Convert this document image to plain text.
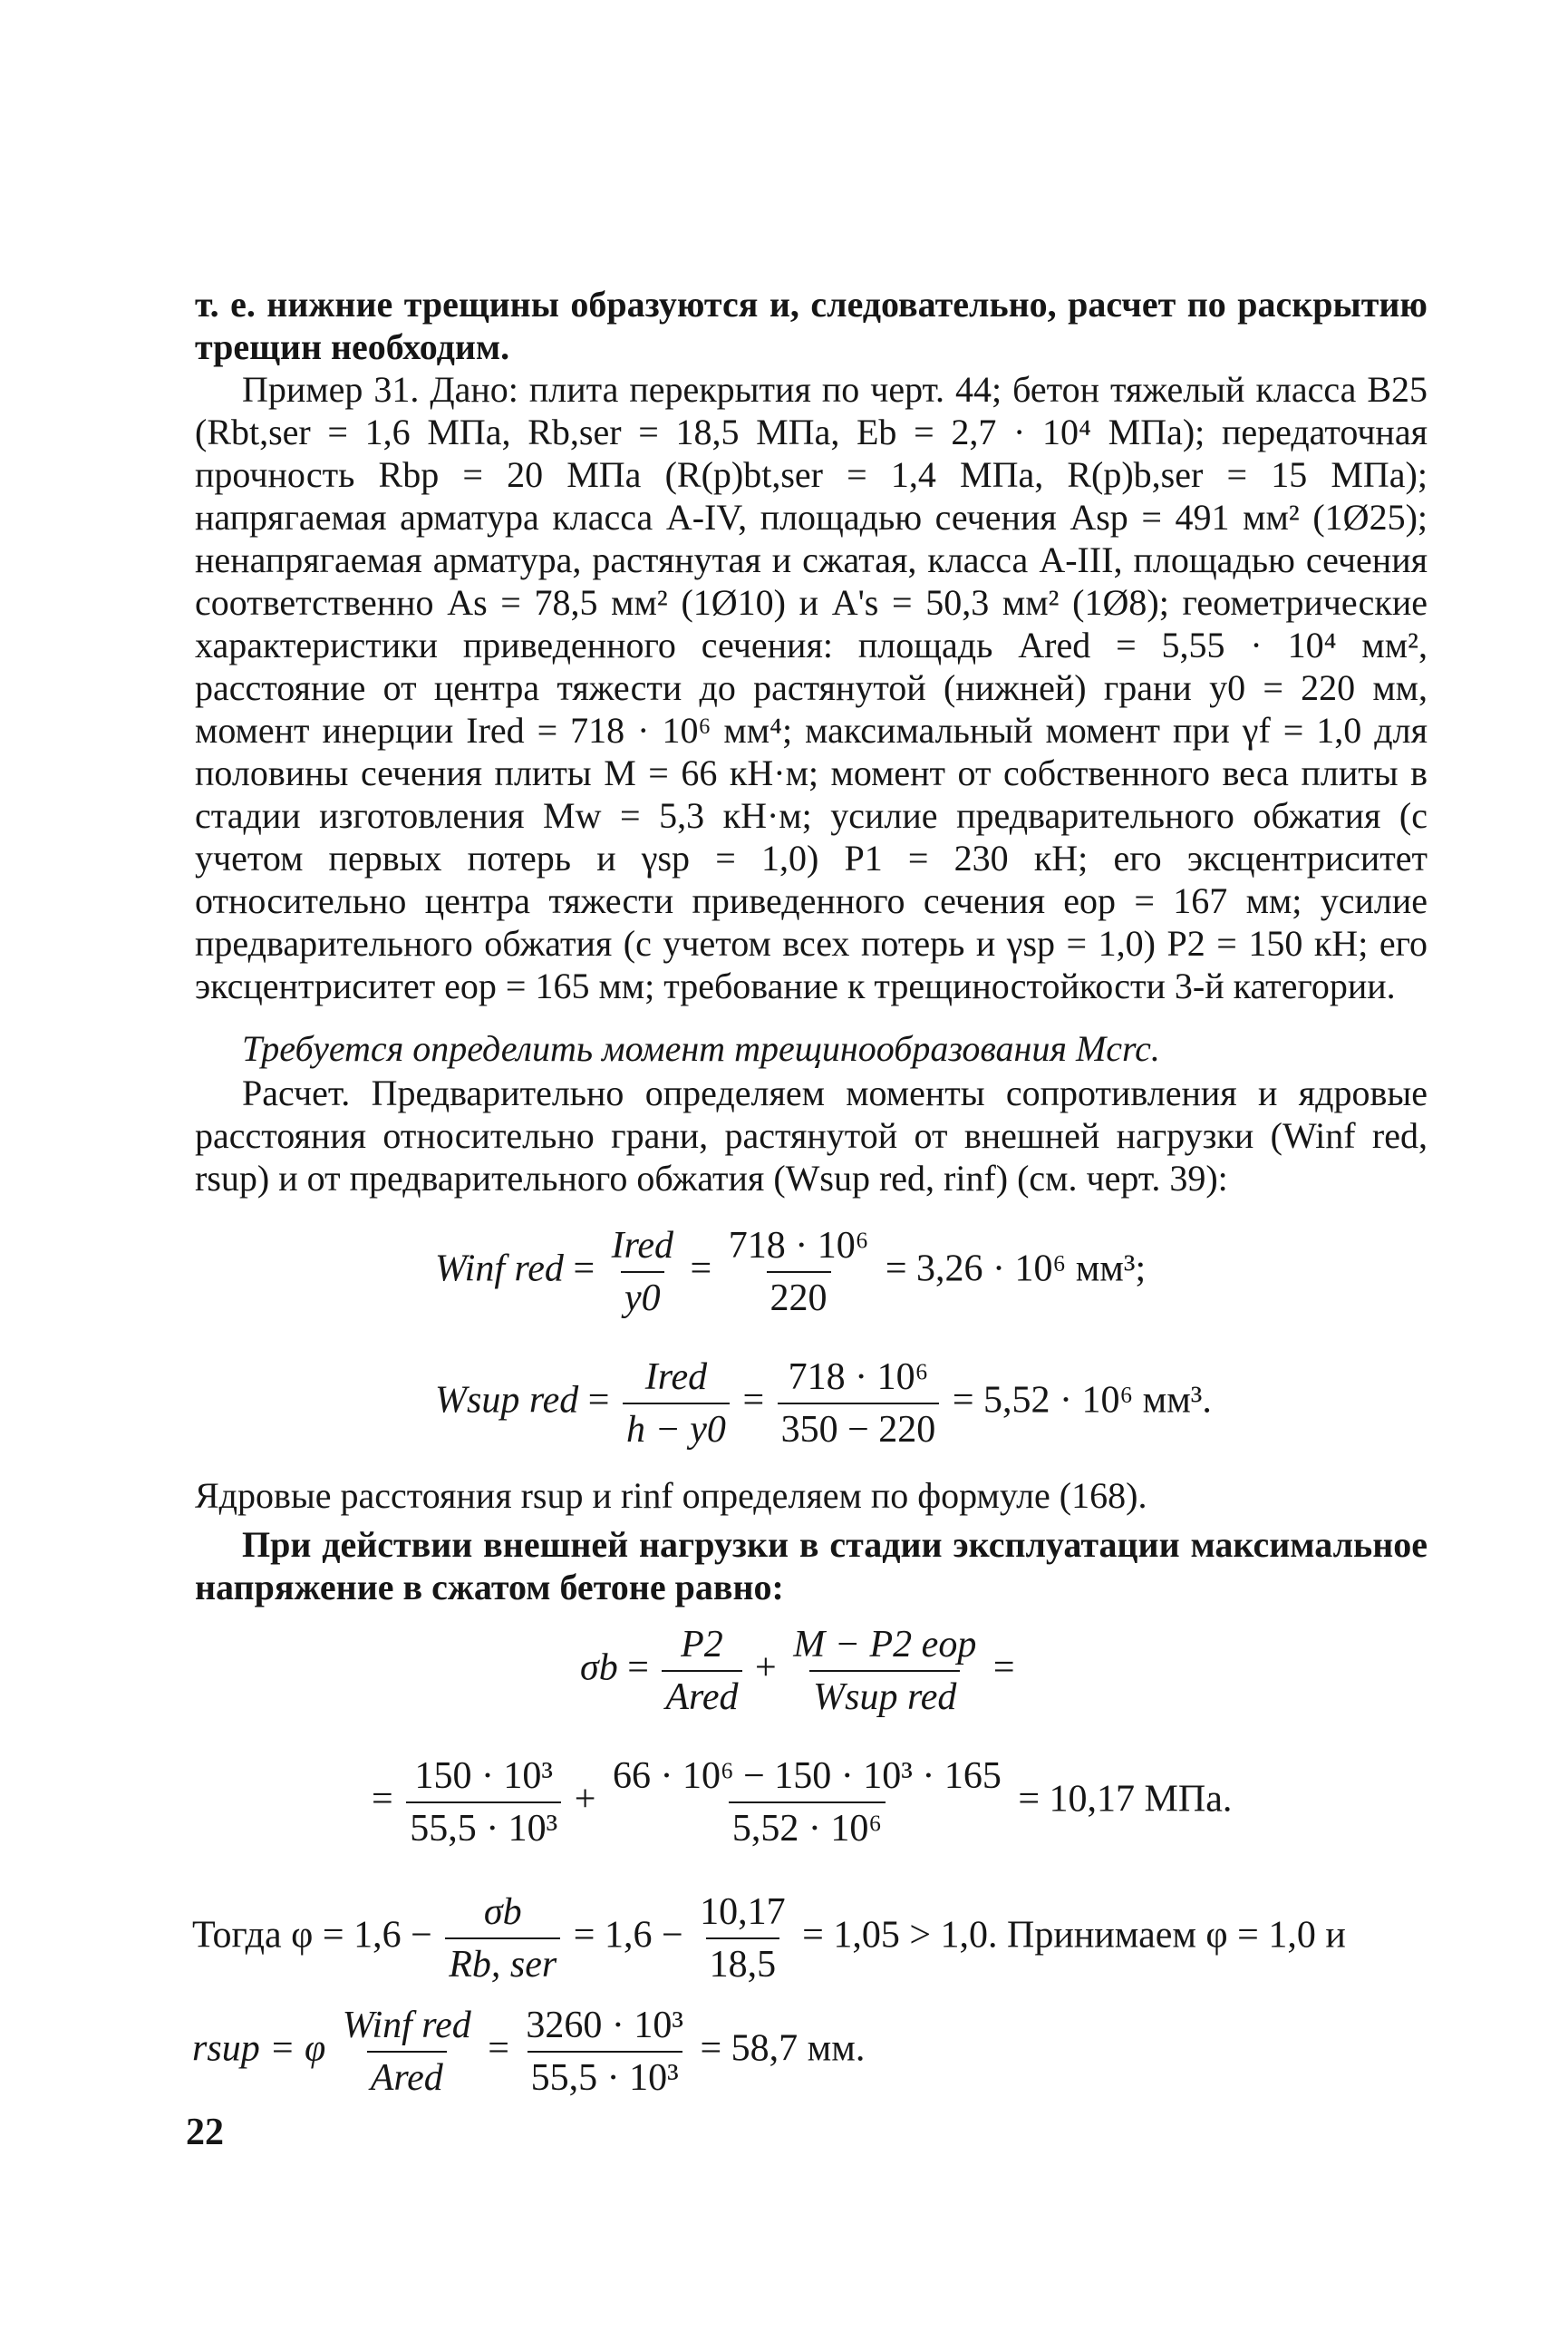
т. е. нижние трещины образуются и, следовательно, расчет по раскрытию трещин необходим.
Пример 31. Дано: плита перекрытия по черт. 44; бетон тяжелый класса В25 (Rbt,ser = 1,6 МПа, Rb,ser = 18,5 МПа, Eb = 2,7 · 10⁴ МПа); передаточная прочность Rbp = 20 МПа (R(p)bt,ser = 1,4 МПа, R(p)b,ser = 15 МПа); напрягаемая арматура класса А-IV, площадью сечения Asp = 491 мм² (1Ø25); ненапрягаемая арматура, растянутая и сжатая, класса А-III, площадью сечения соответственно As = 78,5 мм² (1Ø10) и A's = 50,3 мм² (1Ø8); геометрические характеристики приведенного сечения: площадь Ared = 5,55 · 10⁴ мм², расстояние от центра тяжести до растянутой (нижней) грани y0 = 220 мм, момент инерции Ired = 718 · 10⁶ мм⁴; максимальный момент при γf = 1,0 для половины сечения плиты M = 66 кН·м; момент от собственного веса плиты в стадии изготовления Mw = 5,3 кН·м; усилие предварительного обжатия (с учетом первых потерь и γsp = 1,0) P1 = 230 кН; его эксцентриситет относительно центра тяжести приведенного сечения eop = 167 мм; усилие предварительного обжатия (с учетом всех потерь и γsp = 1,0) P2 = 150 кН; его эксцентриситет eop = 165 мм; требование к трещиностойкости 3-й категории.
Требуется определить момент трещинообразования Mcrc.
Расчет. Предварительно определяем моменты сопротивления и ядровые расстояния относительно грани, растянутой от внешней нагрузки (Winf red, rsup) и от предварительного обжатия (Wsup red, rinf) (см. черт. 39):
Winf red = $\frac{\text{Ired}}{y0} = \frac{\text{718 · 10⁶}}{220} = 3,26 \cdot 10^6$ мм³;
Wsup red = $\frac{\text{Ired}}{h - y0} = \frac{\text{718 · 10⁶}}{350 - 220} = 5,52 \cdot 10^6$ мм³.
Ядровые расстояния rsup и rinf определяем по формуле (168).
При действии внешней нагрузки в стадии эксплуатации максимальное напряжение в сжатом бетоне равно:
$\sigma b = \frac{P2}{\text{Ared}} + \frac{\text{M − P2 eop}}{\text{Wsup red}}$ =
= $\frac{\text{150 · 10³}}{\text{55,5 · 10³}} + \frac{\text{66 · 10⁶ − 150 · 10³ · 165}}{\text{5,52 · 10⁶}} = 10,17$ МПа.
Тогда $\varphi = 1,6 - \frac{\sigma b}{\text{Rb, ser}} = 1,6 - \frac{10,17}{18,5} = 1,05 > 1,0$. Принимаем φ = 1,0 и
rsup = φ $\frac{\text{Winf red}}{\text{Ared}} = \frac{\text{3260 · 10³}}{\text{55,5 · 10³}} = 58,7$ мм.
22
